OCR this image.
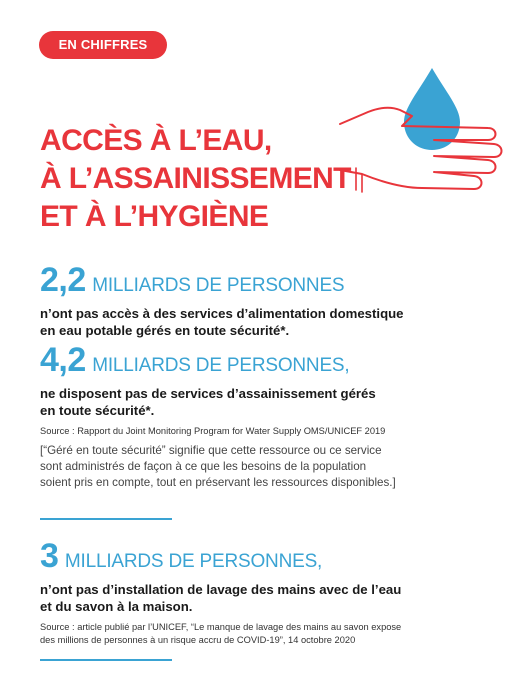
EN CHIFFRES
ACCÈS À L’EAU,
À L’ASSAINISSEMENT
ET À L’HYGIÈNE

2,2 MILLIARDS DE PERSONNES

n’ont pas accès à des services d’alimentation domestique
en eau potable gérés en toute sécurité*.

4,2 MILLIARDS DE PERSONNES,

ne disposent pas de services d’assainissement gérés
en toute sécurité*.

Source : Rapport du Joint Monitoring Program for Water Supply OMS/UNICEF 2019

[“Géré en toute sécurité” signifie que cette ressource ou ce service
sont administrés de façon à ce que les besoins de la population
soient pris en compte, tout en préservant les ressources disponibles.]

3 MILLIARDS DE PERSONNES,

n’ont pas d’installation de lavage des mains avec de l’eau
et du savon à la maison.

Source : article publié par l’UNICEF, “Le manque de lavage des mains au savon expose
des millions de personnes à un risque accru de COVID-19”, 14 octobre 2020
